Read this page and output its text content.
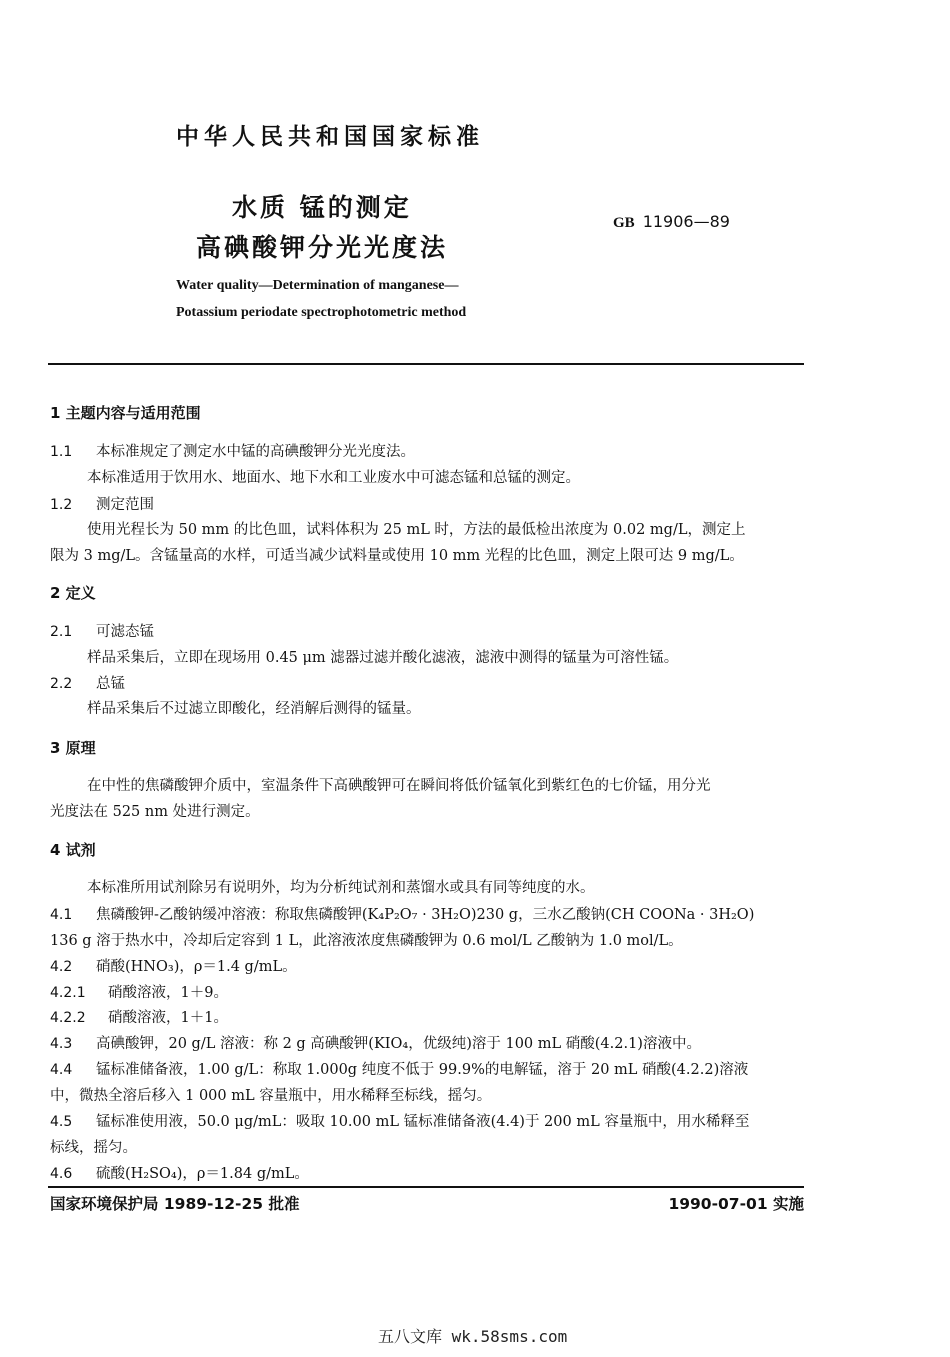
中华人民共和国国家标准
水质 锰的测定
高碘酸钾分光光度法
GB 11906—89
Water quality—Determination of manganese—
Potassium periodate spectrophotometric method
1 主题内容与适用范围
1.1 本标准规定了测定水中锰的高碘酸钾分光光度法。
本标准适用于饮用水、地面水、地下水和工业废水中可滤态锰和总锰的测定。
1.2 测定范围
使用光程长为 50 mm 的比色皿，试料体积为 25 mL 时，方法的最低检出浓度为 0.02 mg/L，测定上
限为 3 mg/L。含锰量高的水样，可适当减少试料量或使用 10 mm 光程的比色皿，测定上限可达 9 mg/L。
2 定义
2.1 可滤态锰
样品采集后，立即在现场用 0.45 μm 滤器过滤并酸化滤液，滤液中测得的锰量为可溶性锰。
2.2 总锰
样品采集后不过滤立即酸化，经消解后测得的锰量。
3 原理
在中性的焦磷酸钾介质中，室温条件下高碘酸钾可在瞬间将低价锰氧化到紫红色的七价锰，用分光
光度法在 525 nm 处进行测定。
4 试剂
本标准所用试剂除另有说明外，均为分析纯试剂和蒸馏水或具有同等纯度的水。
4.1 焦磷酸钾-乙酸钠缓冲溶液：称取焦磷酸钾(K₄P₂O₇ · 3H₂O)230 g，三水乙酸钠(CH COONa · 3H₂O)
136 g 溶于热水中，冷却后定容到 1 L，此溶液浓度焦磷酸钾为 0.6 mol/L 乙酸钠为 1.0 mol/L。
4.2 硝酸(HNO₃)，ρ＝1.4 g/mL。
4.2.1 硝酸溶液，1＋9。
4.2.2 硝酸溶液，1＋1。
4.3 高碘酸钾，20 g/L 溶液：称 2 g 高碘酸钾(KIO₄，优级纯)溶于 100 mL 硝酸(4.2.1)溶液中。
4.4 锰标准储备液，1.00 g/L：称取 1.000g 纯度不低于 99.9%的电解锰，溶于 20 mL 硝酸(4.2.2)溶液
中，微热全溶后移入 1 000 mL 容量瓶中，用水稀释至标线，摇匀。
4.5 锰标准使用液，50.0 μg/mL：吸取 10.00 mL 锰标准储备液(4.4)于 200 mL 容量瓶中，用水稀释至
标线，摇匀。
4.6 硫酸(H₂SO₄)，ρ＝1.84 g/mL。
国家环境保护局 1989-12-25 批准	1990-07-01 实施
五八文库 wk.58sms.com
